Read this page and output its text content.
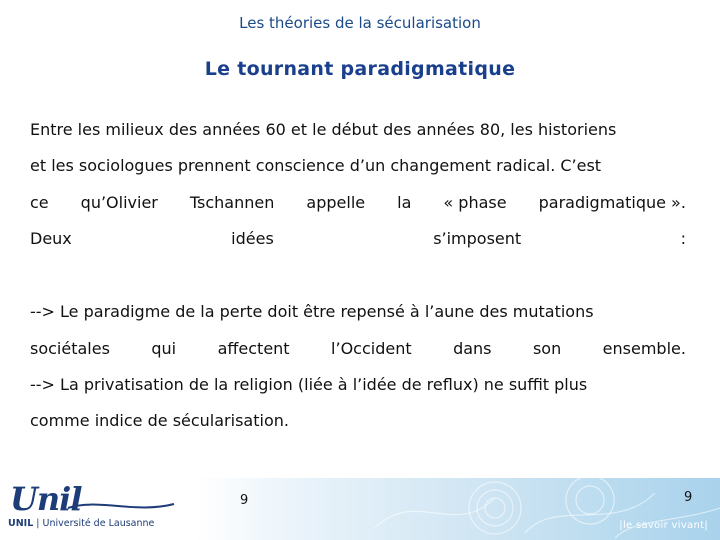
Les théories de la sécularisation
Le tournant paradigmatique
Entre les milieux des années 60 et le début des années 80, les historiens
et les sociologues prennent conscience d’un changement radical. C’est
ce qu’Olivier Tschannen appelle la « phase paradigmatique ».
Deux	idées	s’imposent	:
--> Le paradigme de la perte doit être repensé à l’aune des mutations
sociétales	qui	affectent	l’Occident	dans	son	ensemble.
--> La privatisation de la religion (liée à l’idée de reflux) ne suffit plus
comme indice de sécularisation.
Unil
UNIL | Université de Lausanne
9	9
|le savoir vivant|
